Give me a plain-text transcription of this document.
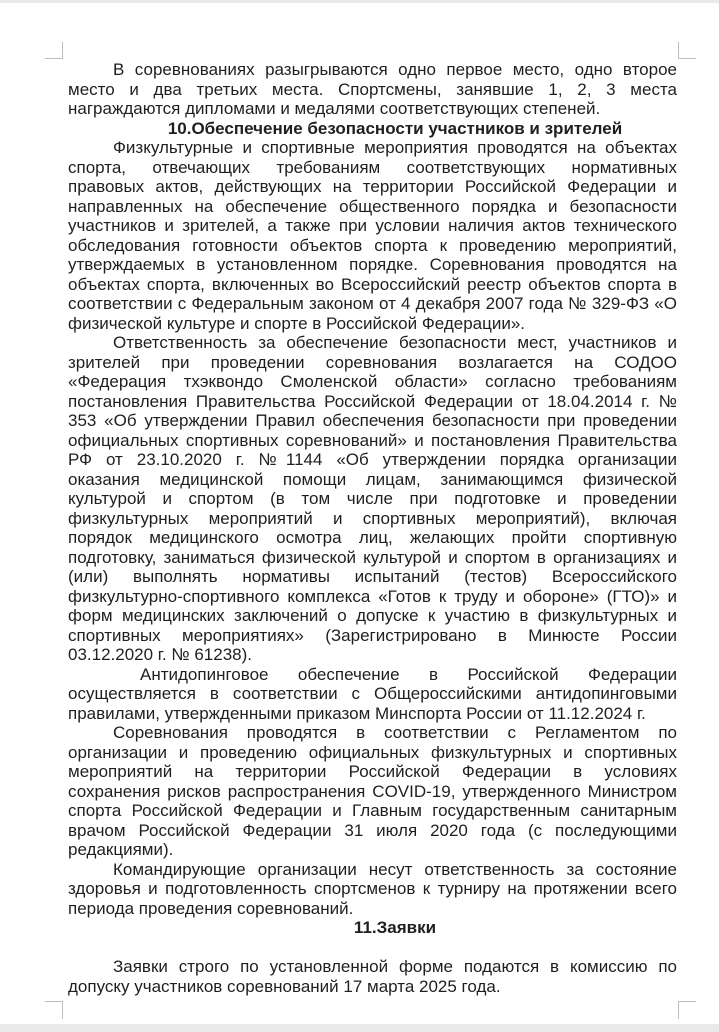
В соревнованиях разыгрываются одно первое место, одно второе
место и два третьих места. Спортсмены, занявшие 1, 2, 3 места
награждаются дипломами и медалями соответствующих степеней.
10.Обеспечение безопасности участников и зрителей
Физкультурные и спортивные мероприятия проводятся на объектах
спорта, отвечающих требованиям соответствующих нормативных
правовых актов, действующих на территории Российской Федерации и
направленных на обеспечение общественного порядка и безопасности
участников и зрителей, а также при условии наличия актов технического
обследования готовности объектов спорта к проведению мероприятий,
утверждаемых в установленном порядке. Соревнования проводятся на
объектах спорта, включенных во Всероссийский реестр объектов спорта в
соответствии с Федеральным законом от 4 декабря 2007 года № 329-ФЗ «О
физической культуре и спорте в Российской Федерации».
Ответственность за обеспечение безопасности мест, участников и
зрителей при проведении соревнования возлагается на СОДОО
«Федерация тхэквондо Смоленской области» согласно требованиям
постановления Правительства Российской Федерации от 18.04.2014 г. №
353 «Об утверждении Правил обеспечения безопасности при проведении
официальных спортивных соревнований» и постановления Правительства
РФ от 23.10.2020 г. №1144 «Об утверждении порядка организации
оказания медицинской помощи лицам, занимающимся физической
культурой и спортом (в том числе при подготовке и проведении
физкультурных мероприятий и спортивных мероприятий), включая
порядок медицинского осмотра лиц, желающих пройти спортивную
подготовку, заниматься физической культурой и спортом в организациях и
(или) выполнять нормативы испытаний (тестов) Всероссийского
физкультурно-спортивного комплекса «Готов к труду и обороне» (ГТО)» и
форм медицинских заключений о допуске к участию в физкультурных и
спортивных мероприятиях» (Зарегистрировано в Минюсте России
03.12.2020 г. № 61238).
Антидопинговое обеспечение в Российской Федерации
осуществляется в соответствии с Общероссийскими антидопинговыми
правилами, утвержденными приказом Минспорта России от 11.12.2024 г.
Соревнования проводятся в соответствии с Регламентом по
организации и проведению официальных физкультурных и спортивных
мероприятий на территории Российской Федерации в условиях
сохранения рисков распространения COVID-19, утвержденного Министром
спорта Российской Федерации и Главным государственным санитарным
врачом Российской Федерации 31 июля 2020 года (с последующими
редакциями).
Командирующие организации несут ответственность за состояние
здоровья и подготовленность спортсменов к турниру на протяжении всего
периода проведения соревнований.
11.Заявки
Заявки строго по установленной форме подаются в комиссию по
допуску участников соревнований 17 марта 2025 года.
